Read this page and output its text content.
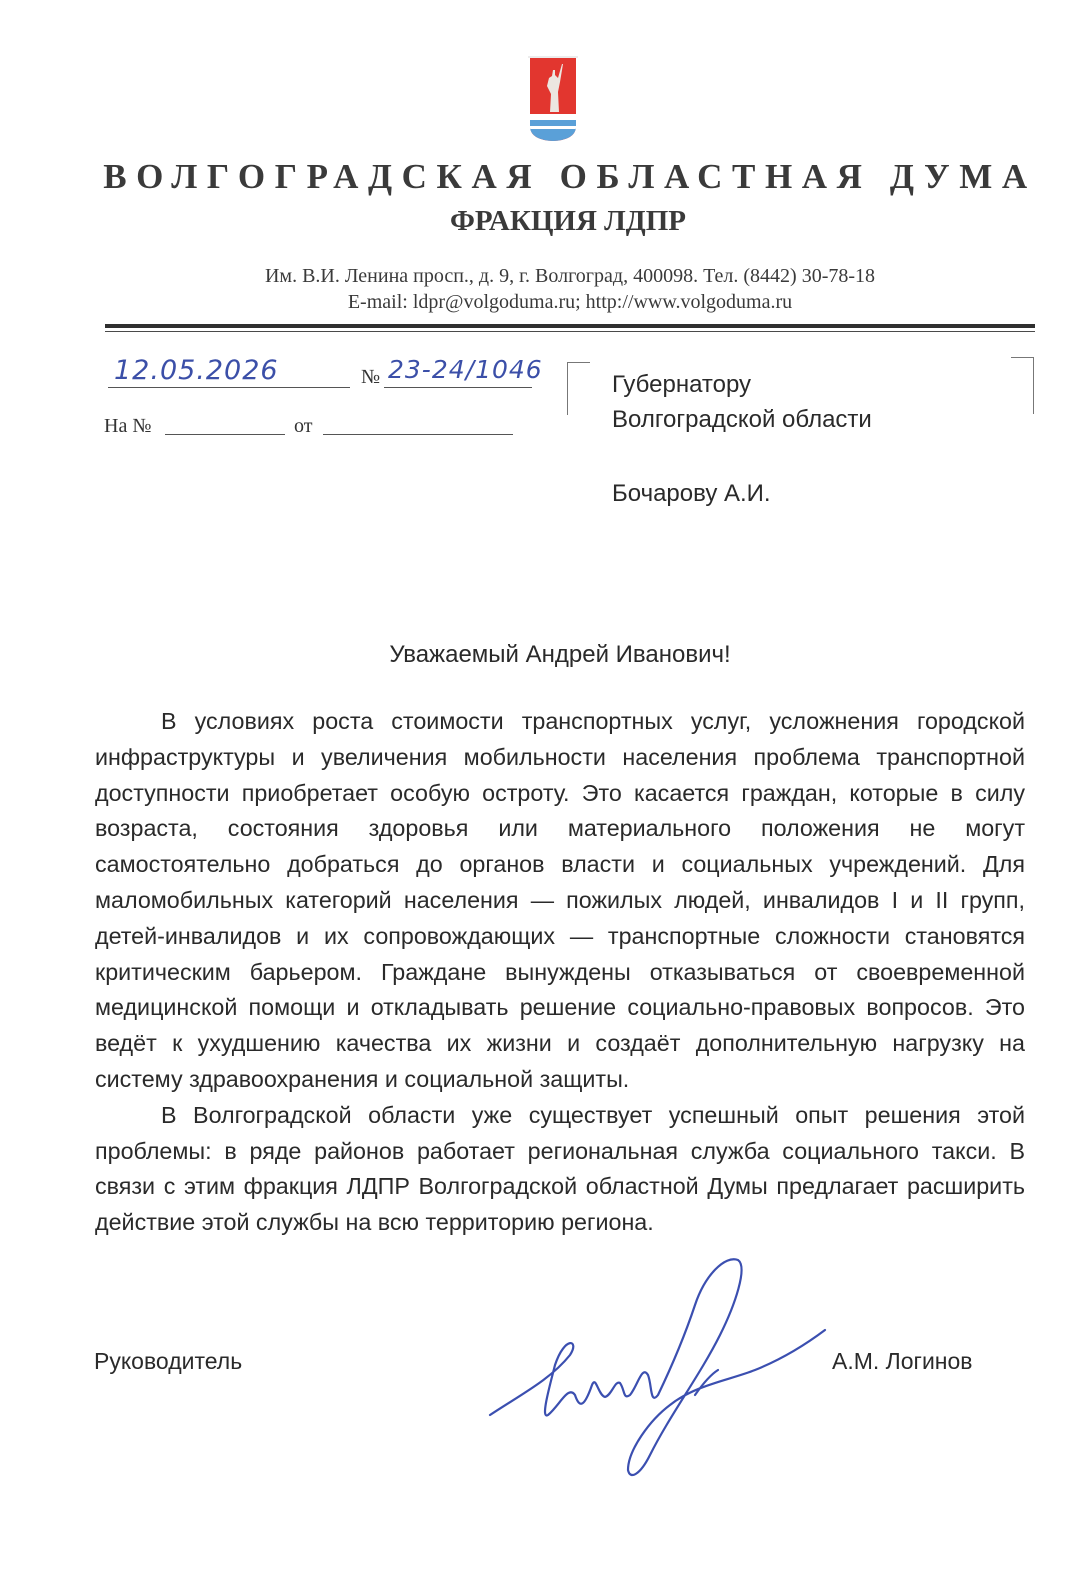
ВОЛГОГРАДСКАЯ ОБЛАСТНАЯ ДУМА
ФРАКЦИЯ ЛДПР
Им. В.И. Ленина просп., д. 9, г. Волгоград, 400098. Тел. (8442) 30-78-18
E-mail: ldpr@volgoduma.ru; http://www.volgoduma.ru
12.05.2026	№ 23-24/1046
На №	от
Губернатору
Волгоградской области
Бочарову А.И.
Уважаемый Андрей Иванович!

В условиях роста стоимости транспортных услуг, усложнения городской инфраструктуры и увеличения мобильности населения проблема транспортной доступности приобретает особую остроту. Это касается граждан, которые в силу возраста, состояния здоровья или материального положения не могут самостоятельно добраться до органов власти и социальных учреждений. Для маломобильных категорий населения — пожилых людей, инвалидов I и II групп, детей-инвалидов и их сопровождающих — транспортные сложности становятся критическим барьером. Граждане вынуждены отказываться от своевременной медицинской помощи и откладывать решение социально-правовых вопросов. Это ведёт к ухудшению качества их жизни и создаёт дополнительную нагрузку на систему здравоохранения и социальной защиты.

В Волгоградской области уже существует успешный опыт решения этой проблемы: в ряде районов работает региональная служба социального такси. В связи с этим фракция ЛДПР Волгоградской областной Думы предлагает расширить действие этой службы на всю территорию региона.

Руководитель	А.М. Логинов
